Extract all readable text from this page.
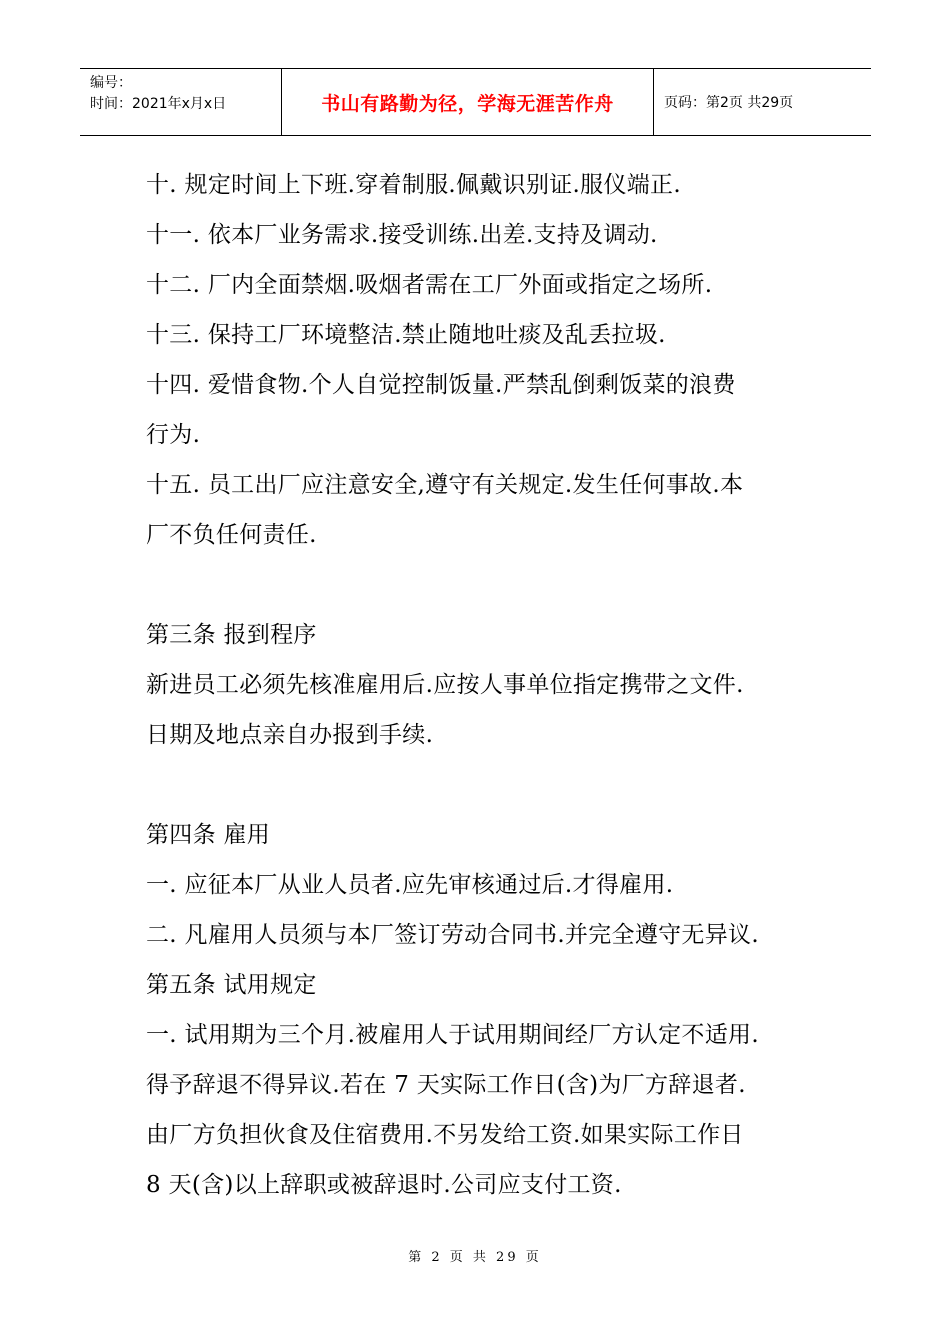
编号：
时间：2021年x月x日	书山有路勤为径，学海无涯苦作舟	页码：第2页 共29页
十. 规定时间上下班.穿着制服.佩戴识别证.服仪端正.
十一. 依本厂业务需求.接受训练.出差.支持及调动.
十二. 厂内全面禁烟.吸烟者需在工厂外面或指定之场所.
十三. 保持工厂环境整洁.禁止随地吐痰及乱丢拉圾.
十四. 爱惜食物.个人自觉控制饭量.严禁乱倒剩饭菜的浪费
行为.
十五. 员工出厂应注意安全,遵守有关规定.发生任何事故.本
厂不负任何责任.
第三条 报到程序
新进员工必须先核准雇用后.应按人事单位指定携带之文件.
日期及地点亲自办报到手续.
第四条 雇用
一. 应征本厂从业人员者.应先审核通过后.才得雇用.
二. 凡雇用人员须与本厂签订劳动合同书.并完全遵守无异议.
第五条 试用规定
一. 试用期为三个月.被雇用人于试用期间经厂方认定不适用.
得予辞退不得异议.若在 7 天实际工作日(含)为厂方辞退者.
由厂方负担伙食及住宿费用.不另发给工资.如果实际工作日
8 天(含)以上辞职或被辞退时.公司应支付工资.
第 2 页 共 29 页
